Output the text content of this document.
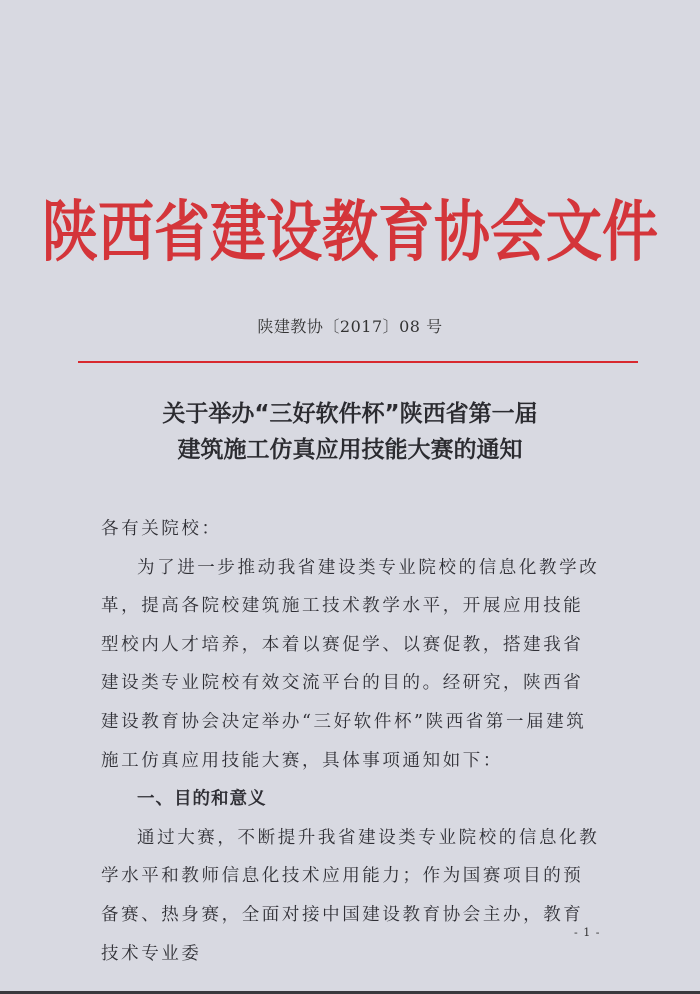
陕西省建设教育协会文件
陕建教协〔2017〕08 号
关于举办“三好软件杯”陕西省第一届
建筑施工仿真应用技能大赛的通知

各有关院校：

为了进一步推动我省建设类专业院校的信息化教学改革，提高各院校建筑施工技术教学水平，开展应用技能型校内人才培养，本着以赛促学、以赛促教，搭建我省建设类专业院校有效交流平台的目的。经研究，陕西省建设教育协会决定举办“三好软件杯”陕西省第一届建筑施工仿真应用技能大赛，具体事项通知如下：

一、目的和意义

通过大赛，不断提升我省建设类专业院校的信息化教学水平和教师信息化技术应用能力；作为国赛项目的预备赛、热身赛，全面对接中国建设教育协会主办，教育技术专业委

- 1 -
